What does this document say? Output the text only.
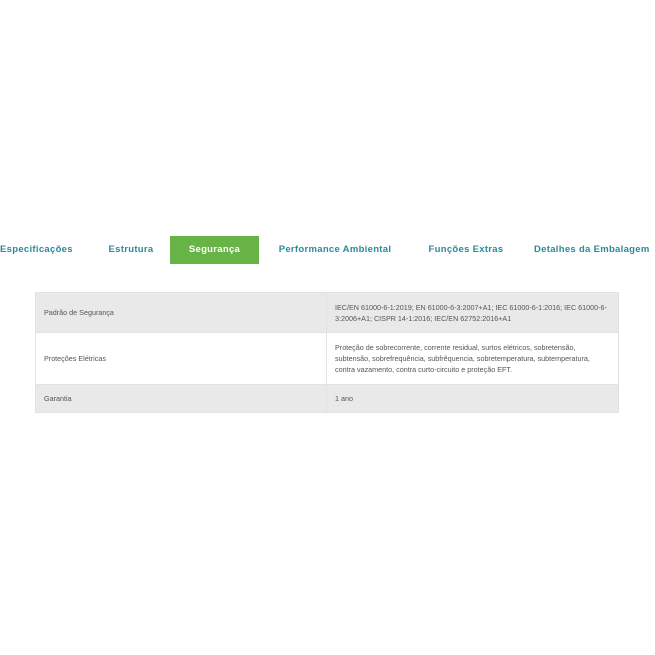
Especificações	Estrutura	Segurança	Performance Ambiental	Funções Extras	Detalhes da Embalagem
Padrão de Segurança	IEC/EN 61000-6-1:2019; EN 61000-6-3:2007+A1; IEC 61000-6-1:2016; IEC 61000-6-3:2006+A1; CISPR 14-1:2016; IEC/EN 62752:2016+A1
Proteções Elétricas	Proteção de sobrecorrente, corrente residual, surtos elétricos, sobretensão, subtensão, sobrefrequência, subfrêquencia, sobretemperatura, subtemperatura, contra vazamento, contra curto-circuito e proteção EFT.
Garantia	1 ano
